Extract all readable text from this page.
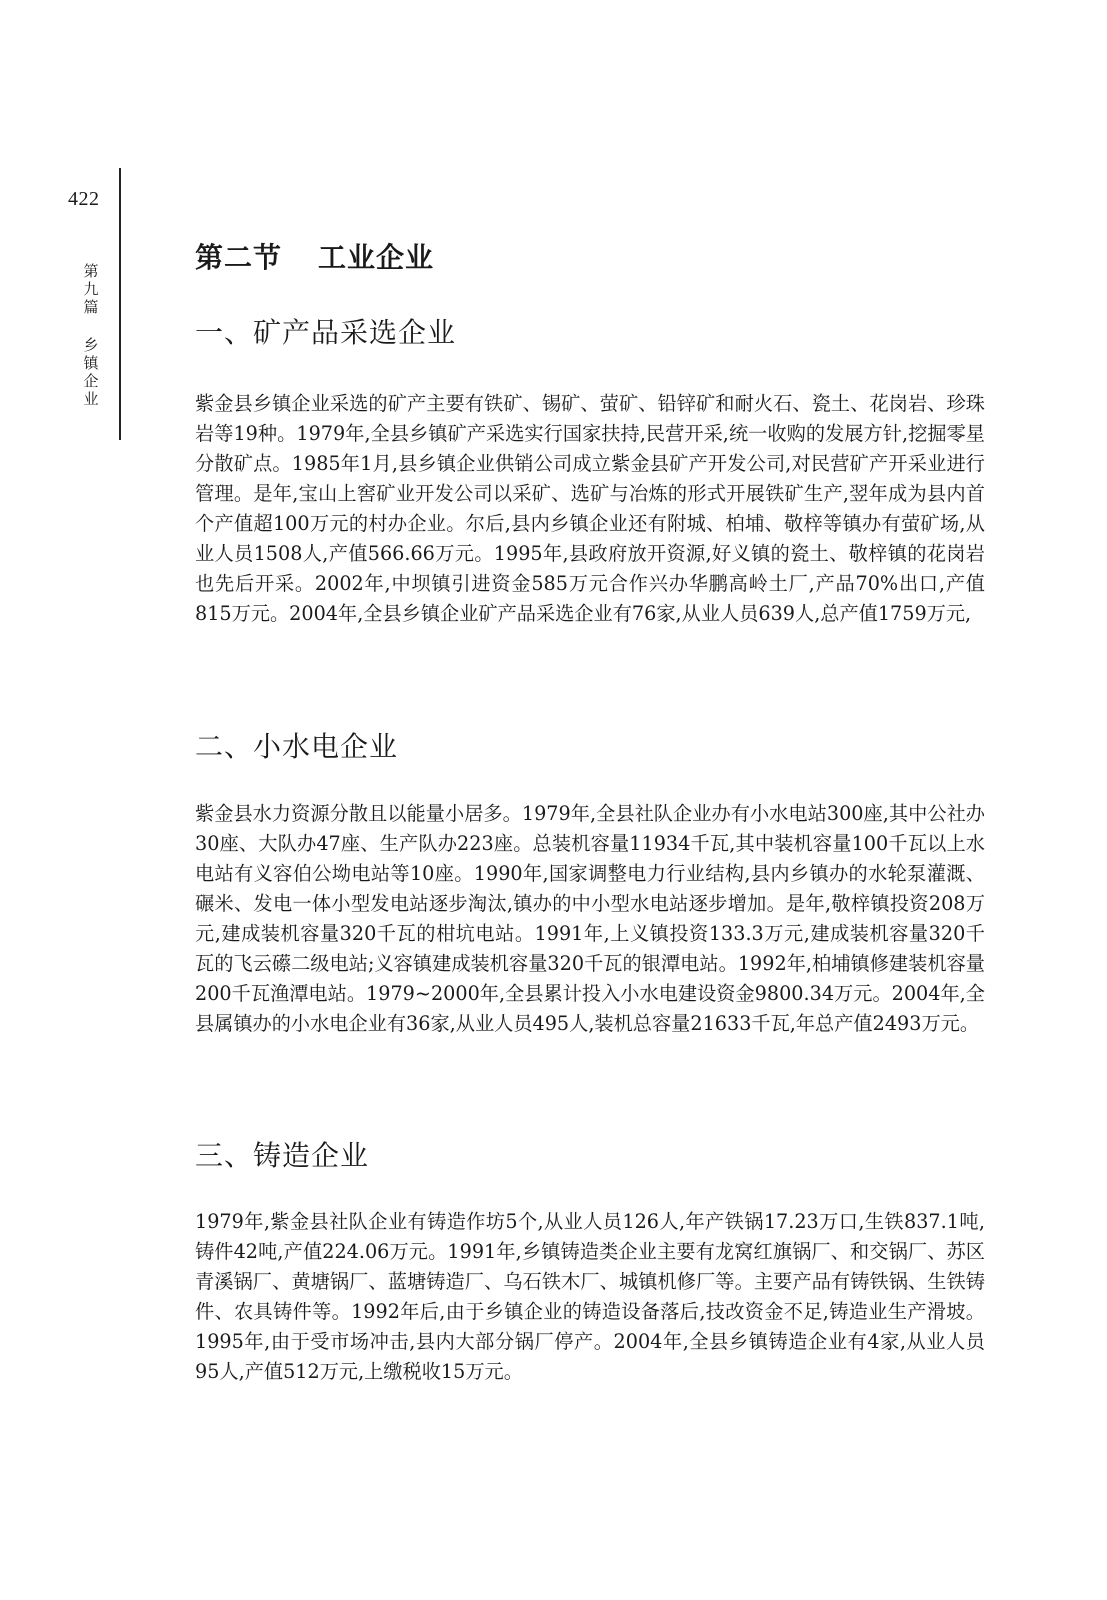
422
第
九
篇
乡
镇
企
业
第二节 工业企业
一、矿产品采选企业

紫金县乡镇企业采选的矿产主要有铁矿、锡矿、萤矿、铅锌矿和耐火石、瓷土、花岗岩、珍珠岩等19种。1979年,全县乡镇矿产采选实行国家扶持,民营开采,统一收购的发展方针,挖掘零星分散矿点。1985年1月,县乡镇企业供销公司成立紫金县矿产开发公司,对民营矿产开采业进行管理。是年,宝山上窖矿业开发公司以采矿、选矿与冶炼的形式开展铁矿生产,翌年成为县内首个产值超100万元的村办企业。尔后,县内乡镇企业还有附城、柏埔、敬梓等镇办有萤矿场,从业人员1508人,产值566.66万元。1995年,县政府放开资源,好义镇的瓷土、敬梓镇的花岗岩也先后开采。2002年,中坝镇引进资金585万元合作兴办华鹏高岭土厂,产品70%出口,产值815万元。2004年,全县乡镇企业矿产品采选企业有76家,从业人员639人,总产值1759万元,

二、小水电企业

紫金县水力资源分散且以能量小居多。1979年,全县社队企业办有小水电站300座,其中公社办30座、大队办47座、生产队办223座。总装机容量11934千瓦,其中装机容量100千瓦以上水电站有义容伯公坳电站等10座。1990年,国家调整电力行业结构,县内乡镇办的水轮泵灌溉、碾米、发电一体小型发电站逐步淘汰,镇办的中小型水电站逐步增加。是年,敬梓镇投资208万元,建成装机容量320千瓦的柑坑电站。1991年,上义镇投资133.3万元,建成装机容量320千瓦的飞云礤二级电站;义容镇建成装机容量320千瓦的银潭电站。1992年,柏埔镇修建装机容量200千瓦渔潭电站。1979~2000年,全县累计投入小水电建设资金9800.34万元。2004年,全县属镇办的小水电企业有36家,从业人员495人,装机总容量21633千瓦,年总产值2493万元。

三、铸造企业

1979年,紫金县社队企业有铸造作坊5个,从业人员126人,年产铁锅17.23万口,生铁837.1吨,铸件42吨,产值224.06万元。1991年,乡镇铸造类企业主要有龙窝红旗锅厂、和交锅厂、苏区青溪锅厂、黄塘锅厂、蓝塘铸造厂、乌石铁木厂、城镇机修厂等。主要产品有铸铁锅、生铁铸件、农具铸件等。1992年后,由于乡镇企业的铸造设备落后,技改资金不足,铸造业生产滑坡。1995年,由于受市场冲击,县内大部分锅厂停产。2004年,全县乡镇铸造企业有4家,从业人员95人,产值512万元,上缴税收15万元。
